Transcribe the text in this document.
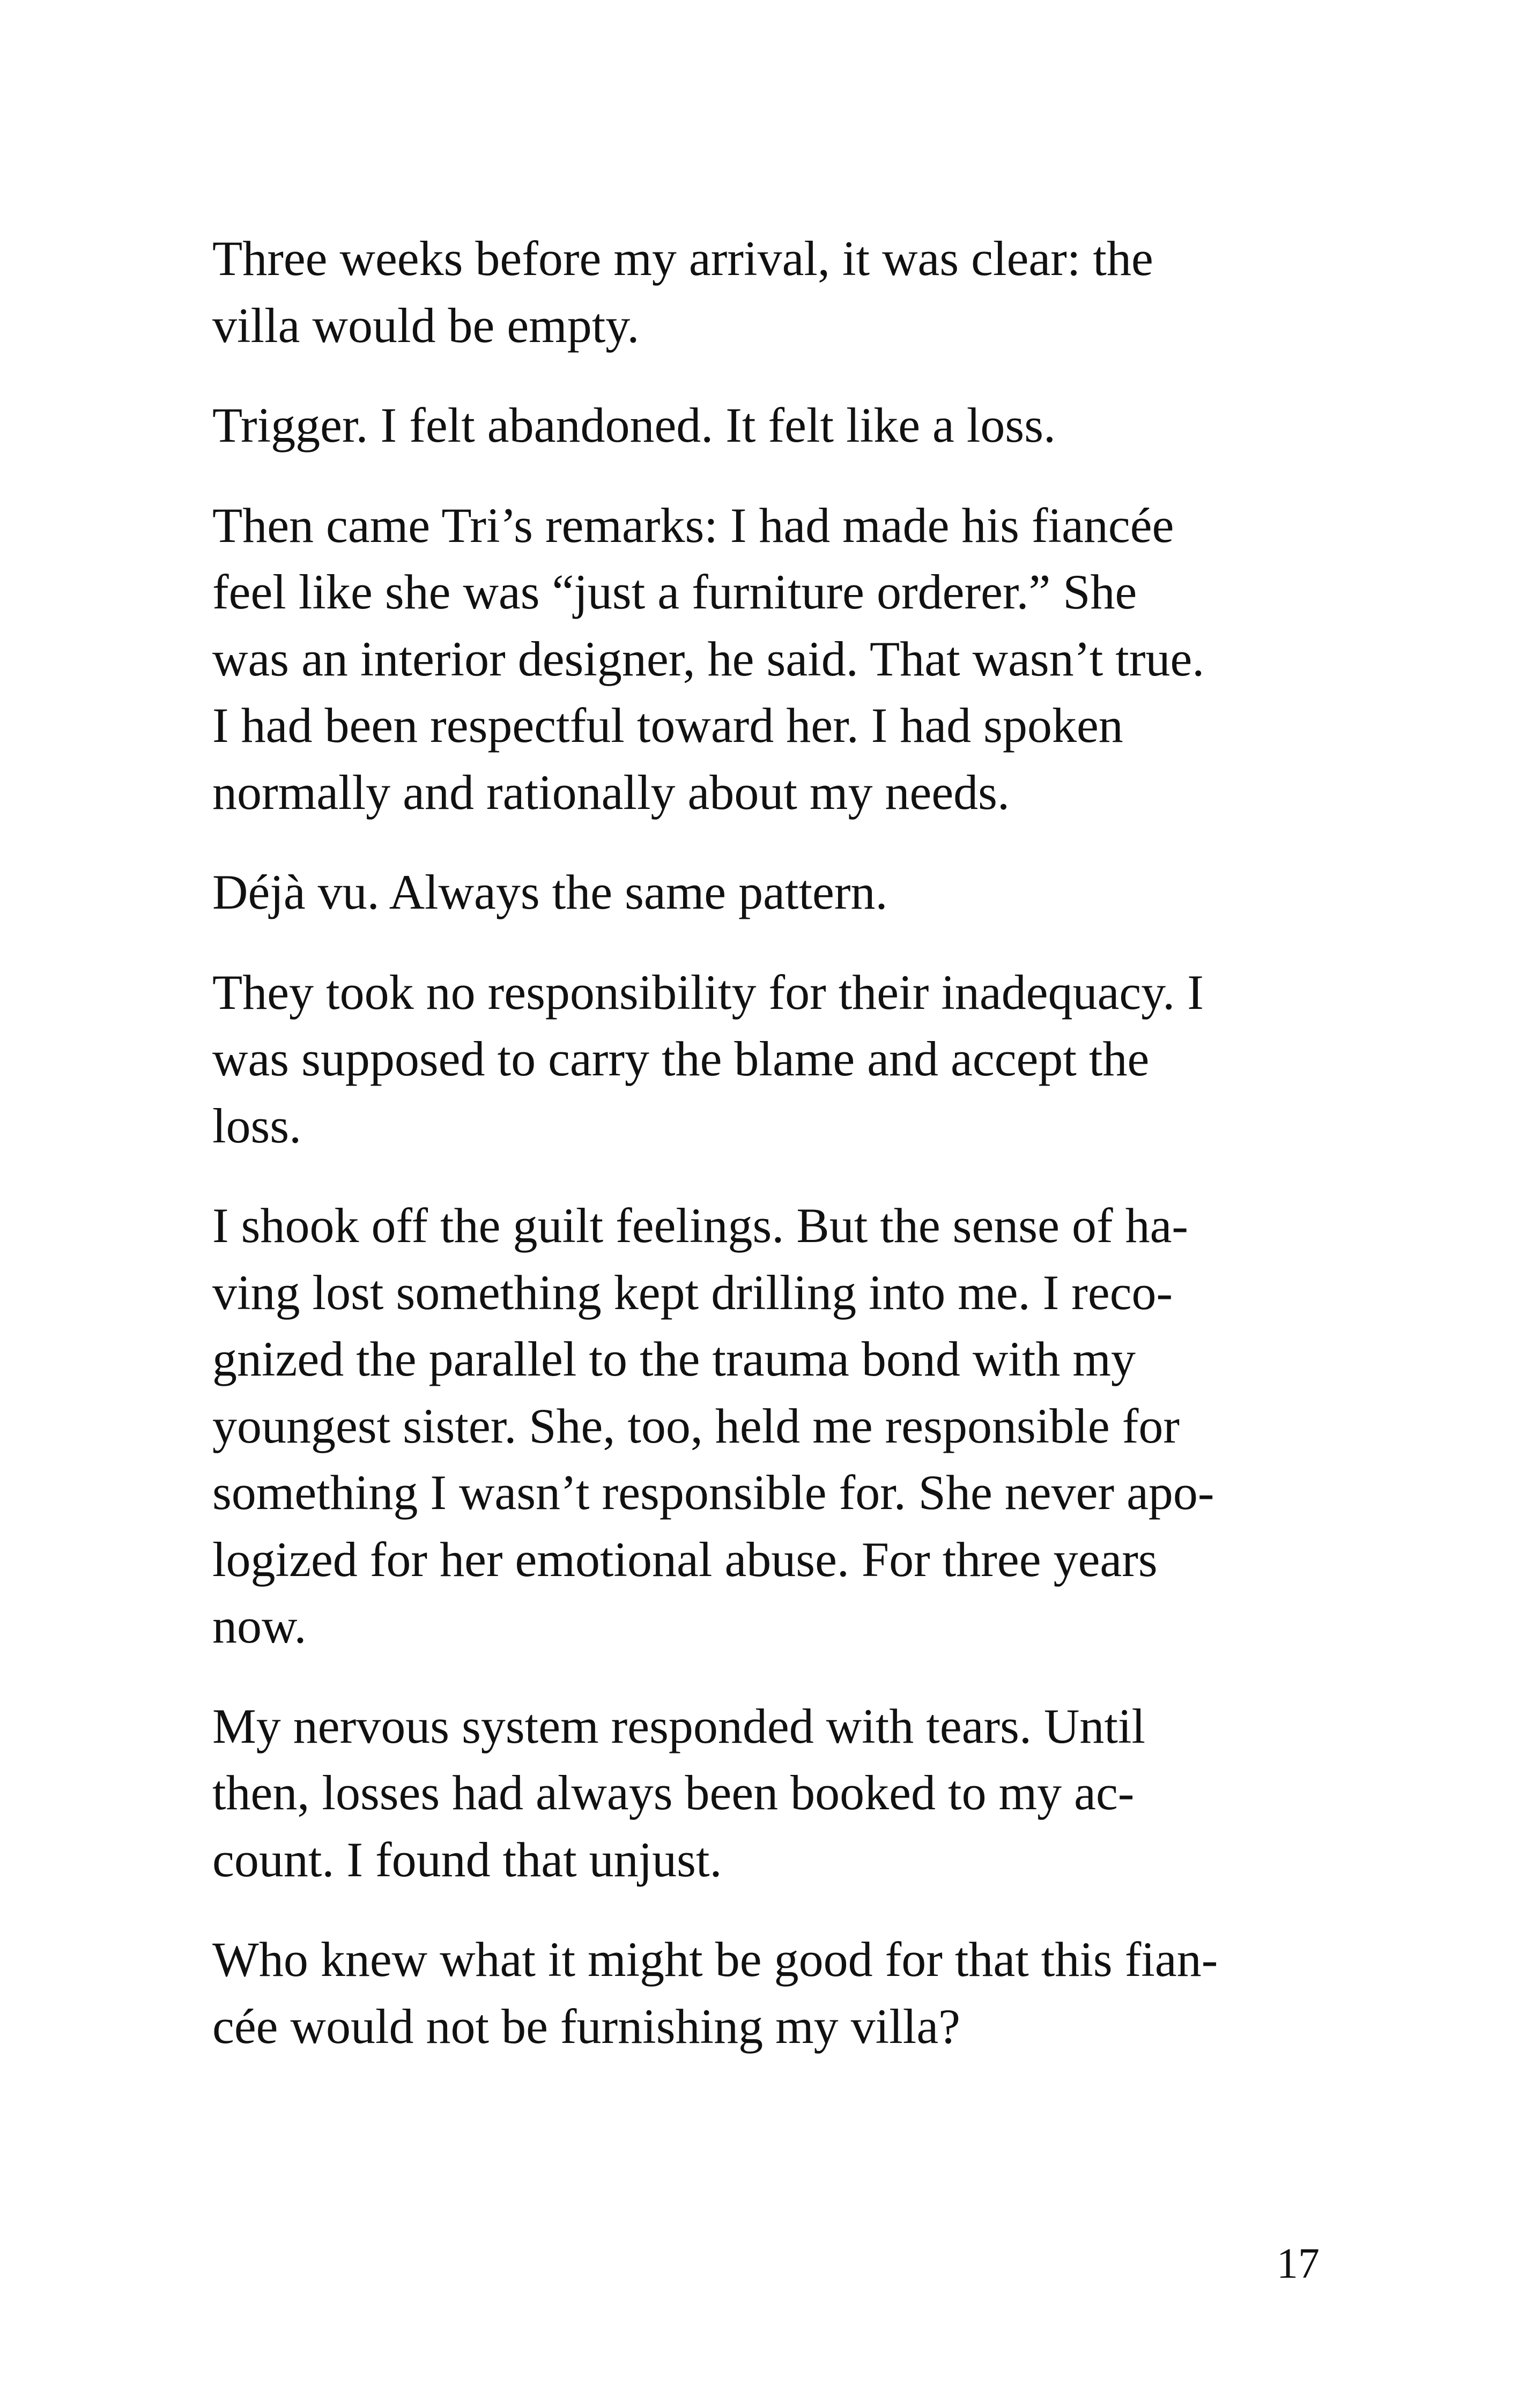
Three weeks before my arrival, it was clear: the
villa would be empty.

Trigger. I felt abandoned. It felt like a loss.

Then came Tri’s remarks: I had made his fiancée
feel like she was “just a furniture orderer.” She
was an interior designer, he said. That wasn’t true.
I had been respectful toward her. I had spoken
normally and rationally about my needs.

Déjà vu. Always the same pattern.

They took no responsibility for their inadequacy. I
was supposed to carry the blame and accept the
loss.

I shook off the guilt feelings. But the sense of ha-
ving lost something kept drilling into me. I reco-
gnized the parallel to the trauma bond with my
youngest sister. She, too, held me responsible for
something I wasn’t responsible for. She never apo-
logized for her emotional abuse. For three years
now.

My nervous system responded with tears. Until
then, losses had always been booked to my ac-
count. I found that unjust.

Who knew what it might be good for that this fian-
cée would not be furnishing my villa?

17
